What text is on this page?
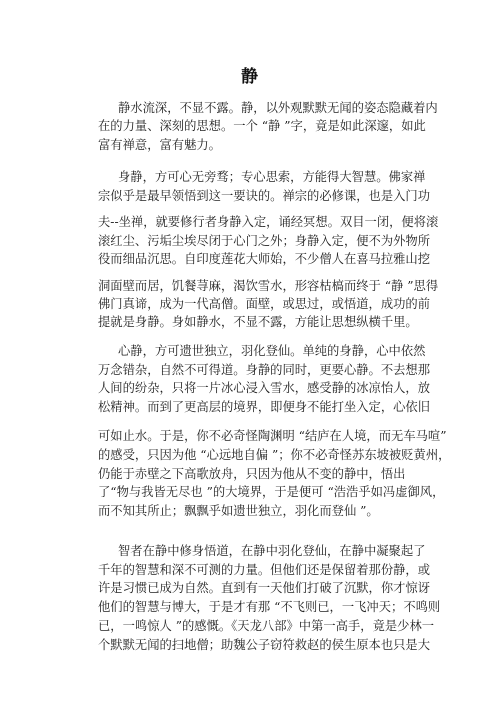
静
静水流深，不显不露。静，以外观默默无闻的姿态隐藏着内
在的力量、深刻的思想。一个 “静 ”字，竟是如此深邃，如此
富有禅意，富有魅力。
身静，方可心无旁骛；专心思索，方能得大智慧。佛家禅
宗似乎是最早领悟到这一要诀的。禅宗的必修课，也是入门功
夫--坐禅，就要修行者身静入定，诵经冥想。双目一闭，便将滚
滚红尘、污垢尘埃尽闭于心门之外；身静入定，便不为外物所
役而细品沉思。自印度莲花大师始，不少僧人在喜马拉雅山挖
洞面壁而居，饥餐荨麻，渴饮雪水，形容枯槁而终于 “静 ”思得
佛门真谛，成为一代高僧。面壁，或思过，或悟道，成功的前
提就是身静。身如静水，不显不露，方能让思想纵横千里。
心静，方可遗世独立，羽化登仙。单纯的身静，心中依然
万念错杂，自然不可得道。身静的同时，更要心静。不去想那
人间的纷杂，只将一片冰心浸入雪水，感受静的冰凉怡人，放
松精神。而到了更高层的境界，即便身不能打坐入定，心依旧
可如止水。于是，你不必奇怪陶渊明 “结庐在人境，而无车马喧”
的感受，只因为他 “心远地自偏 ”；你不必奇怪苏东坡被贬黄州，
仍能于赤壁之下高歌放舟，只因为他从不变的静中，悟出
了“物与我皆无尽也 ”的大境界，于是便可 “浩浩乎如冯虚御风，
而不知其所止；飘飘乎如遗世独立，羽化而登仙 ”。
智者在静中修身悟道，在静中羽化登仙，在静中凝聚起了
千年的智慧和深不可测的力量。但他们还是保留着那份静，或
许是习惯已成为自然。直到有一天他们打破了沉默，你才惊讶
他们的智慧与博大，于是才有那 “不飞则已，一飞冲天；不鸣则
已，一鸣惊人 ”的感慨。《天龙八部》中第一高手，竟是少林一
个默默无闻的扫地僧；助魏公子窃符救赵的侯生原本也只是大
